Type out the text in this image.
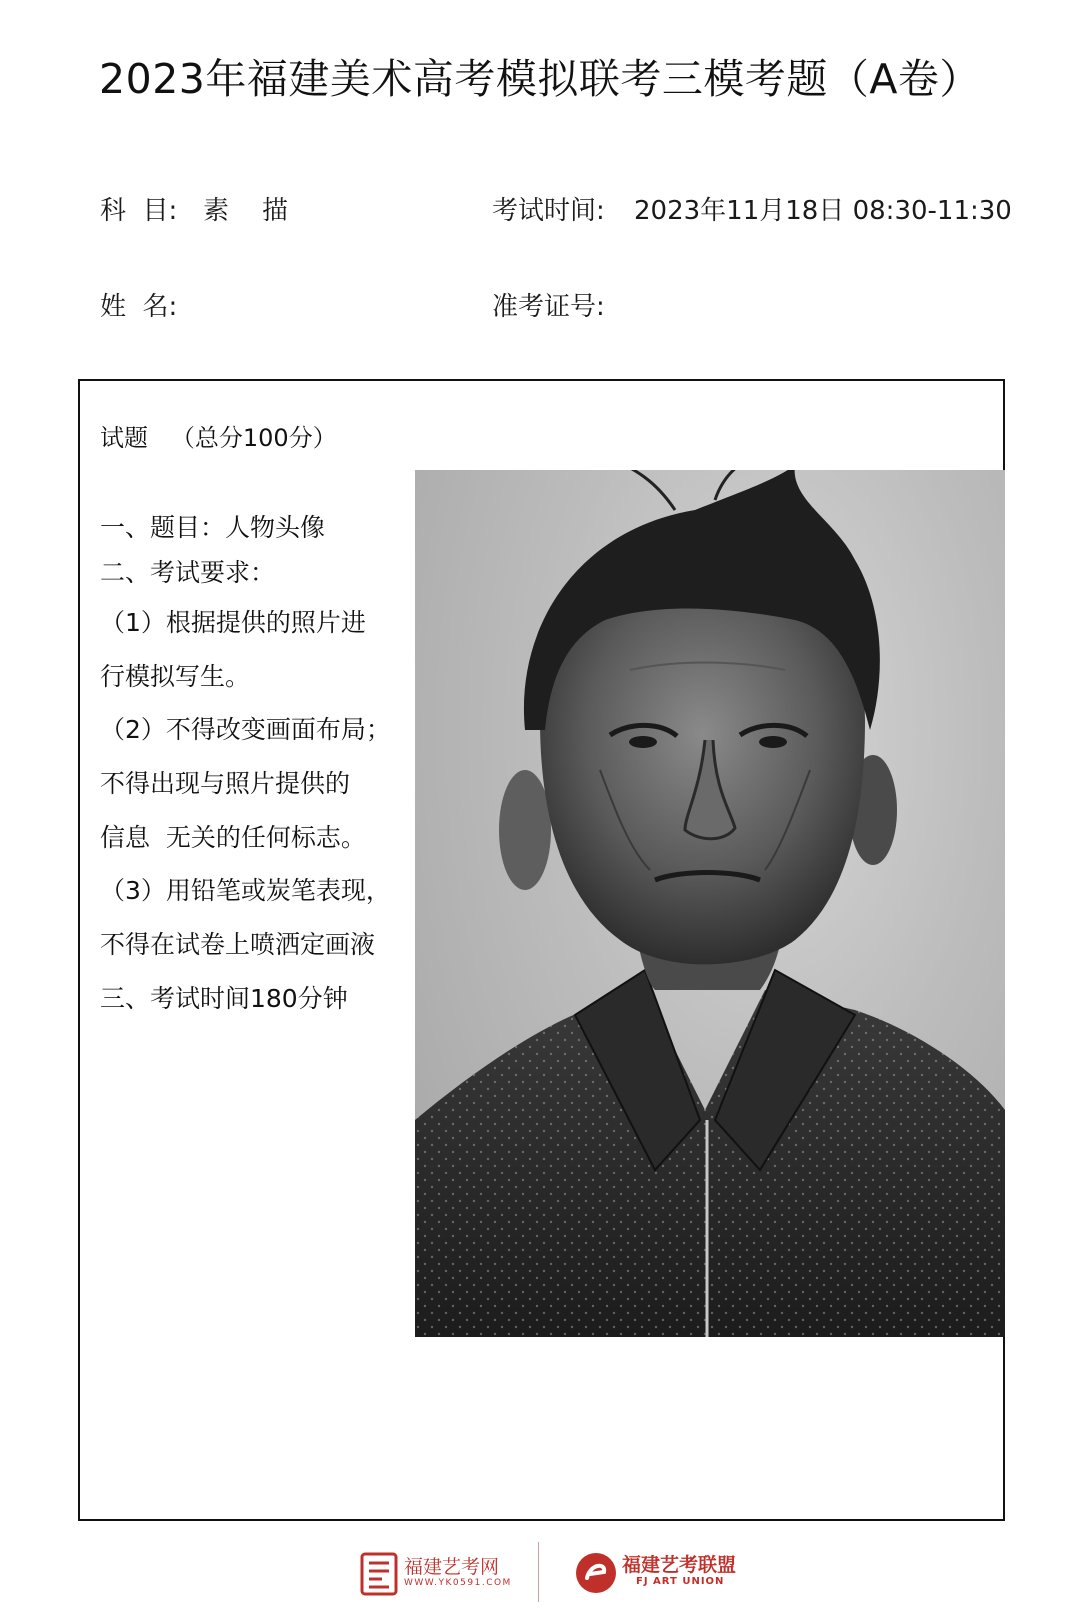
2023年福建美术高考模拟联考三模考题（A卷）
科  目: 素    描	考试时间: 2023年11月18日 08:30-11:30
姓  名:	准考证号:
试题   （总分100分）
一、题目：人物头像
二、考试要求：
（1）根据提供的照片进
行模拟写生。
（2）不得改变画面布局；
不得出现与照片提供的
信息  无关的任何标志。
（3）用铅笔或炭笔表现，
不得在试卷上喷洒定画液
三、考试时间180分钟
福建艺考网
WWW.YK0591.COM
福建艺考联盟
FJ ART UNION
